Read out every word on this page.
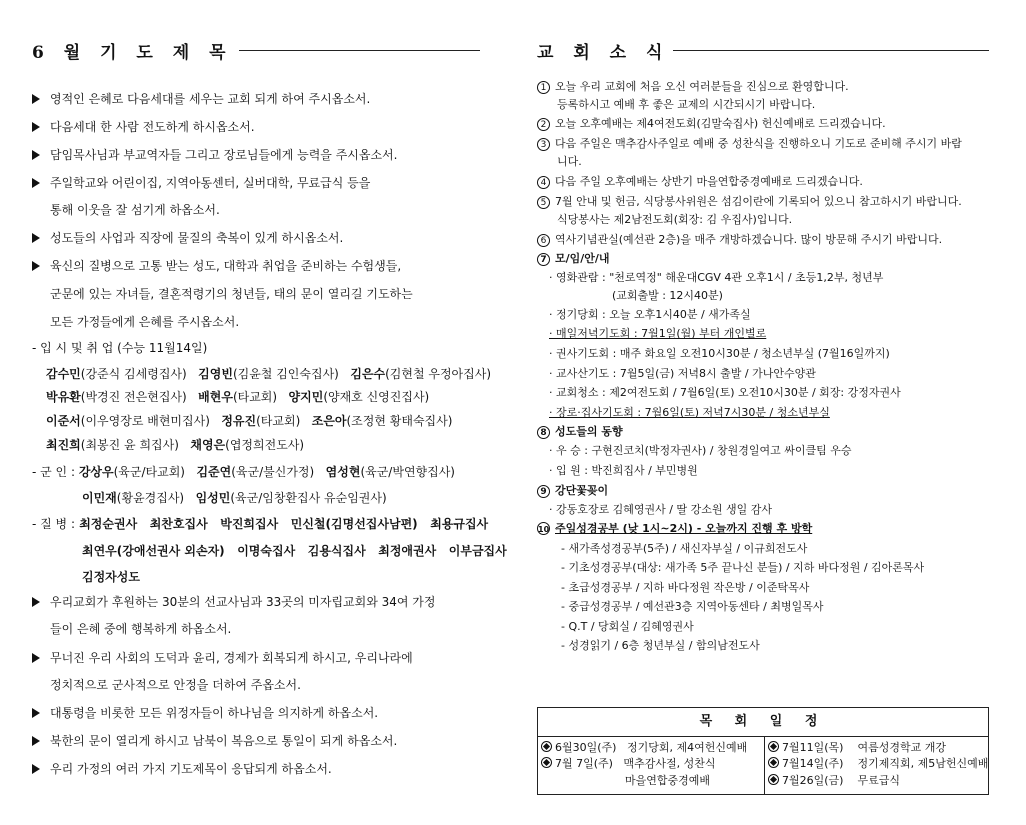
6 월 기 도 제 목
영적인 은혜로 다음세대를 세우는 교회 되게 하여 주시옵소서.
다음세대 한 사람 전도하게 하시옵소서.
담임목사님과 부교역자들 그리고 장로님들에게 능력을 주시옵소서.
주일학교와 어린이집, 지역아동센터, 실버대학, 무료급식 등을
통해 이웃을 잘 섬기게 하옵소서.
성도들의 사업과 직장에 물질의 축복이 있게 하시옵소서.
육신의 질병으로 고통 받는 성도, 대학과 취업을 준비하는 수험생들,
군문에 있는 자녀들, 결혼적령기의 청년들, 태의 문이 열리길 기도하는
모든 가정들에게 은혜를 주시옵소서.
- 입 시 및 취 업 (수능 11월14일)
감수민(강준식 김세령집사) 김영빈(김윤철 김인숙집사) 김은수(김현철 우정아집사)
박유환(박경진 전은현집사) 배현우(타교회) 양지민(양재호 신영진집사)
이준서(이우영장로 배현미집사) 정유진(타교회) 조은아(조정현 황태숙집사)
최진희(최봉진 윤 희집사) 채영은(엽정희전도사)
- 군 인 : 강상우(육군/타교회) 김준연(육군/불신가정) 염성현(육군/박연향집사)
이민재(황윤경집사) 임성민(육군/임창환집사 유순임권사)
- 질 병 : 최정순권사 최찬호집사 박진희집사 민신철(김명선집사남편) 최용규집사
최연우(강애선권사 외손자) 이명숙집사 김용식집사 최정애권사 이부금집사
김정자성도
우리교회가 후원하는 30분의 선교사님과 33곳의 미자립교회와 34여 가정
들이 은혜 중에 행복하게 하옵소서.
무너진 우리 사회의 도덕과 윤리, 경제가 회복되게 하시고, 우리나라에
정치적으로 군사적으로 안정을 더하여 주옵소서.
대통령을 비롯한 모든 위정자들이 하나님을 의지하게 하옵소서.
북한의 문이 열리게 하시고 남북이 복음으로 통일이 되게 하옵소서.
우리 가정의 여러 가지 기도제목이 응답되게 하옵소서.
교 회 소 식
1 오늘 우리 교회에 처음 오신 여러분들을 진심으로 환영합니다.
등록하시고 예배 후 좋은 교제의 시간되시기 바랍니다.
2 오늘 오후예배는 제4여전도회(김말숙집사) 헌신예배로 드리겠습니다.
3 다음 주일은 맥추감사주일로 예배 중 성찬식을 진행하오니 기도로 준비해 주시기 바람
니다.
4 다음 주일 오후예배는 상반기 마을연합중경예배로 드리겠습니다.
5 7월 안내 및 헌금, 식당봉사위원은 섬김이란에 기록되어 있으니 참고하시기 바랍니다.
식당봉사는 제2남전도회(회장: 김 우집사)입니다.
6 역사기념관실(예선관 2층)을 매주 개방하겠습니다. 많이 방문해 주시기 바랍니다.
7 모/임/안/내
· 영화관람 : "천로역정" 해운대CGV 4관 오후1시 / 초등1,2부, 청년부
(교회출발 : 12시40분)
· 정기당회 : 오늘 오후1시40분 / 새가족실
· 매일저녁기도회 : 7월1일(월) 부터 개인별로
· 권사기도회 : 매주 화요일 오전10시30분 / 청소년부실 (7월16일까지)
· 교사산기도 : 7월5일(금) 저녁8시 출발 / 가나안수양관
· 교회청소 : 제2여전도회 / 7월6일(토) 오전10시30분 / 회장: 강정자권사
· 장로·집사기도회 : 7월6일(토) 저녁7시30분 / 청소년부실
8 성도들의 동향
· 우 승 : 구현진코치(박정자권사) / 창원경일여고 싸이클팀 우승
· 입 원 : 박진희집사 / 부민병원
9 강단꽃꽂이
· 강동호장로 김혜영권사 / 딸 강소원 생일 감사
10 주일성경공부 (낮 1시~2시) - 오늘까지 진행 후 방학
- 새가족성경공부(5주) / 새신자부실 / 이규희전도사
- 기초성경공부(대상: 새가족 5주 끝나신 분들) / 지하 바다정원 / 김아론목사
- 초급성경공부 / 지하 바다정원 작은방 / 이준탁목사
- 중급성경공부 / 예선관3층 지역아동센타 / 최병일목사
- Q.T / 당회실 / 김혜영권사
- 성경읽기 / 6층 청년부실 / 함의남전도사
목 회 일 정
6월30일(주) 정기당회, 제4여헌신예배
7월 7일(주) 맥추감사절, 성찬식
마을연합중경예배
7월11일(목) 여름성경학교 개강
7월14일(주) 정기제직회, 제5남헌신예배
7월26일(금) 무료급식
